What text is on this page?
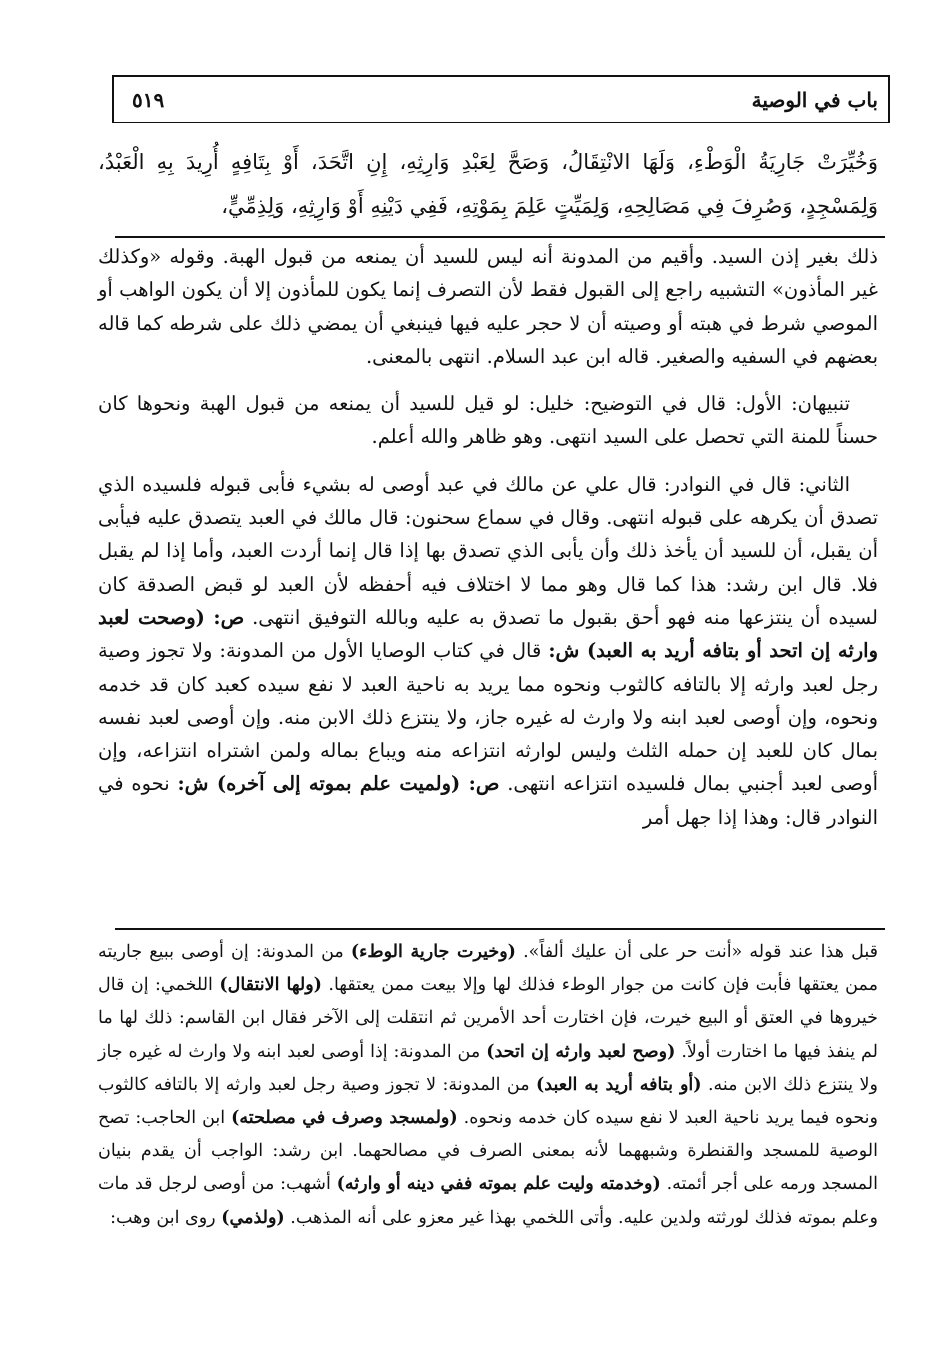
باب في الوصية
٥١٩
وَخُيِّرَتْ جَارِيَةُ الْوَطْءِ، وَلَهَا الانْتِقَالُ، وَصَحَّ لِعَبْدِ وَارِثِهِ، إِنِ اتَّحَدَ، أَوْ بِتَافِهٍ أُرِيدَ بِهِ الْعَبْدُ، وَلِمَسْجِدٍ، وَصُرِفَ فِي مَصَالِحِهِ، وَلِمَيِّتٍ عَلِمَ بِمَوْتِهِ، فَفِي دَيْنِهِ أَوْ وَارِثِهِ، وَلِذِمِّيٍّ،

ذلك بغير إذن السيد. وأقيم من المدونة أنه ليس للسيد أن يمنعه من قبول الهبة. وقوله «وكذلك غير المأذون» التشبيه راجع إلى القبول فقط لأن التصرف إنما يكون للمأذون إلا أن يكون الواهب أو الموصي شرط في هبته أو وصيته أن لا حجر عليه فيها فينبغي أن يمضي ذلك على شرطه كما قاله بعضهم في السفيه والصغير. قاله ابن عبد السلام. انتهى بالمعنى.

تنبيهان: الأول: قال في التوضيح: خليل: لو قيل للسيد أن يمنعه من قبول الهبة ونحوها كان حسناً للمنة التي تحصل على السيد انتهى. وهو ظاهر والله أعلم.

الثاني: قال في النوادر: قال علي عن مالك في عبد أوصى له بشيء فأبى قبوله فلسيده الذي تصدق أن يكرهه على قبوله انتهى. وقال في سماع سحنون: قال مالك في العبد يتصدق عليه فيأبى أن يقبل، أن للسيد أن يأخذ ذلك وأن يأبى الذي تصدق بها إذا قال إنما أردت العبد، وأما إذا لم يقبل فلا. قال ابن رشد: هذا كما قال وهو مما لا اختلاف فيه أحفظه لأن العبد لو قبض الصدقة كان لسيده أن ينتزعها منه فهو أحق بقبول ما تصدق به عليه وبالله التوفيق انتهى. ص: (وصحت لعبد وارثه إن اتحد أو بتافه أريد به العبد) ش: قال في كتاب الوصايا الأول من المدونة: ولا تجوز وصية رجل لعبد وارثه إلا بالتافه كالثوب ونحوه مما يريد به ناحية العبد لا نفع سيده كعبد كان قد خدمه ونحوه، وإن أوصى لعبد ابنه ولا وارث له غيره جاز، ولا ينتزع ذلك الابن منه. وإن أوصى لعبد نفسه بمال كان للعبد إن حمله الثلث وليس لوارثه انتزاعه منه ويباع بماله ولمن اشتراه انتزاعه، وإن أوصى لعبد أجنبي بمال فلسيده انتزاعه انتهى. ص: (ولميت علم بموته إلى آخره) ش: نحوه في النوادر قال: وهذا إذا جهل أمر

قبل هذا عند قوله «أنت حر على أن عليك ألفاً». (وخيرت جارية الوطء) من المدونة: إن أوصى ببيع جاريته ممن يعتقها فأبت فإن كانت من جوار الوطء فذلك لها وإلا بيعت ممن يعتقها. (ولها الانتقال) اللخمي: إن قال خيروها في العتق أو البيع خيرت، فإن اختارت أحد الأمرين ثم انتقلت إلى الآخر فقال ابن القاسم: ذلك لها ما لم ينفذ فيها ما اختارت أولاً. (وصح لعبد وارثه إن اتحد) من المدونة: إذا أوصى لعبد ابنه ولا وارث له غيره جاز ولا ينتزع ذلك الابن منه. (أو بتافه أريد به العبد) من المدونة: لا تجوز وصية رجل لعبد وارثه إلا بالتافه كالثوب ونحوه فيما يريد ناحية العبد لا نفع سيده كان خدمه ونحوه. (ولمسجد وصرف في مصلحته) ابن الحاجب: تصح الوصية للمسجد والقنطرة وشبههما لأنه بمعنى الصرف في مصالحهما. ابن رشد: الواجب أن يقدم بنيان المسجد ورمه على أجر أئمته. (وخدمته وليت علم بموته ففي دينه أو وارثه) أشهب: من أوصى لرجل قد مات وعلم بموته فذلك لورثته ولدين عليه. وأتى اللخمي بهذا غير معزو على أنه المذهب. (ولذمي) روى ابن وهب:
